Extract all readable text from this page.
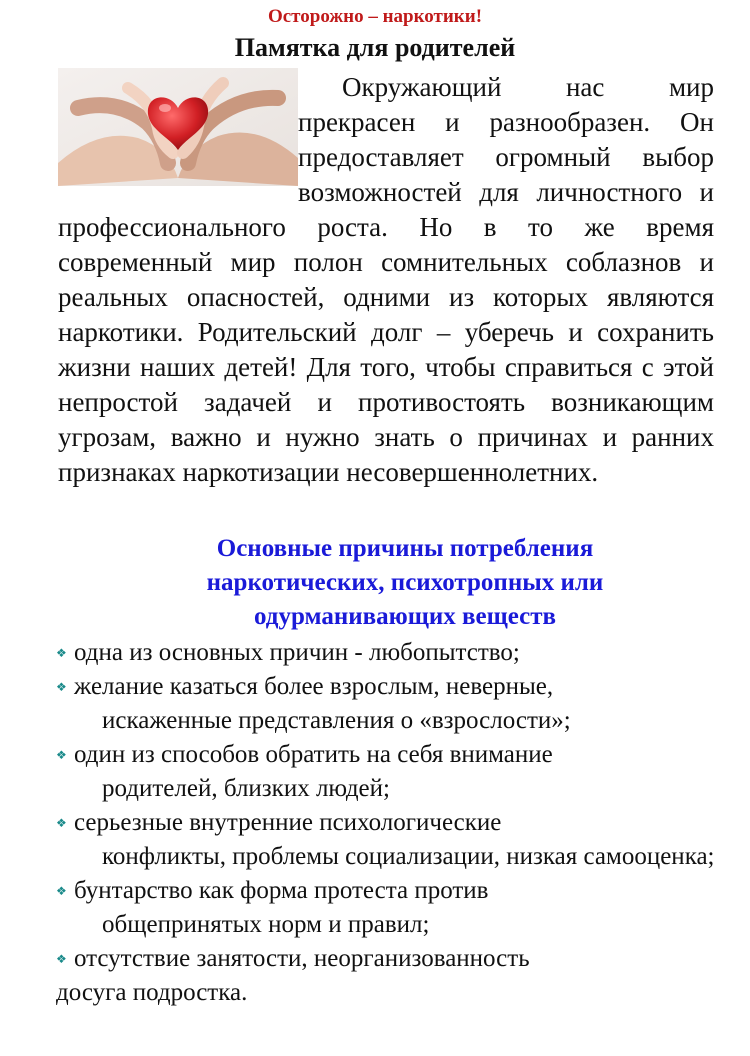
Осторожно – наркотики!
Памятка для родителей

Окружающий нас мир прекрасен и разнообразен. Он предоставляет огромный выбор возможностей для личностного и профессионального роста. Но в то же время современный мир полон сомнительных соблазнов и реальных опасностей, одними из которых являются наркотики. Родительский долг – уберечь и сохранить жизни наших детей! Для того, чтобы справиться с этой непростой задачей и противостоять возникающим угрозам, важно и нужно знать о причинах и ранних признаках наркотизации несовершеннолетних.

Основные причины потребления
наркотических, психотропных или
одурманивающих веществ
❖ одна из основных причин - любопытство;
❖ желание казаться более взрослым, неверные,
искаженные представления о «взрослости»;
❖ один из способов обратить на себя внимание
родителей, близких людей;
❖ серьезные внутренние психологические
конфликты, проблемы социализации, низкая самооценка;
❖ бунтарство как форма протеста против
общепринятых норм и правил;
❖ отсутствие занятости, неорганизованность
досуга подростка.
